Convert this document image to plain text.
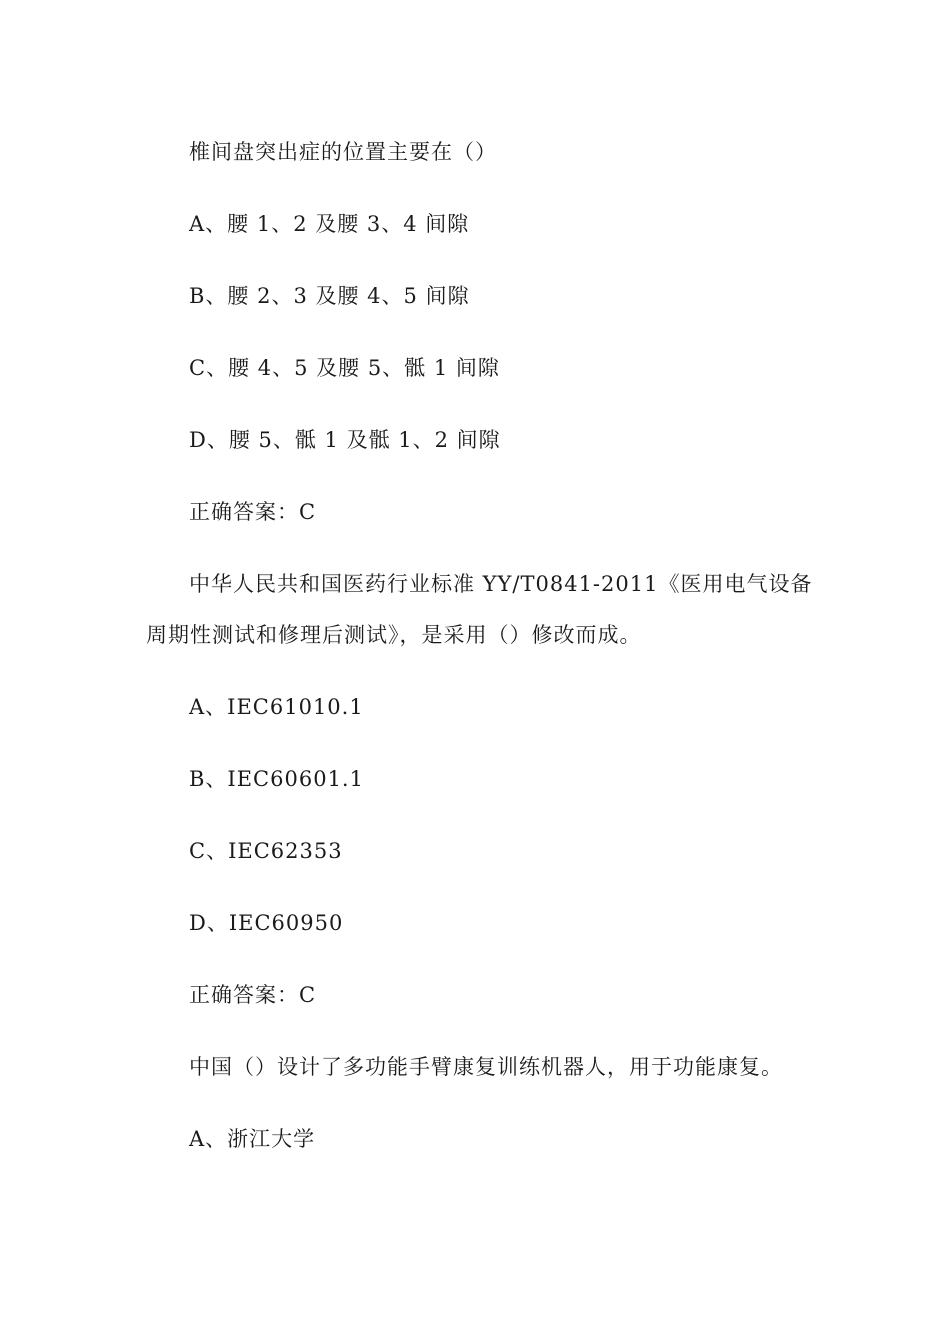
椎间盘突出症的位置主要在（）
A、腰 1、2 及腰 3、4 间隙
B、腰 2、3 及腰 4、5 间隙
C、腰 4、5 及腰 5、骶 1 间隙
D、腰 5、骶 1 及骶 1、2 间隙
正确答案：C
中华人民共和国医药行业标准 YY/T0841-2011《医用电气设备
周期性测试和修理后测试》，是采用（）修改而成。
A、IEC61010.1
B、IEC60601.1
C、IEC62353
D、IEC60950
正确答案：C
中国（）设计了多功能手臂康复训练机器人，用于功能康复。
A、浙江大学
